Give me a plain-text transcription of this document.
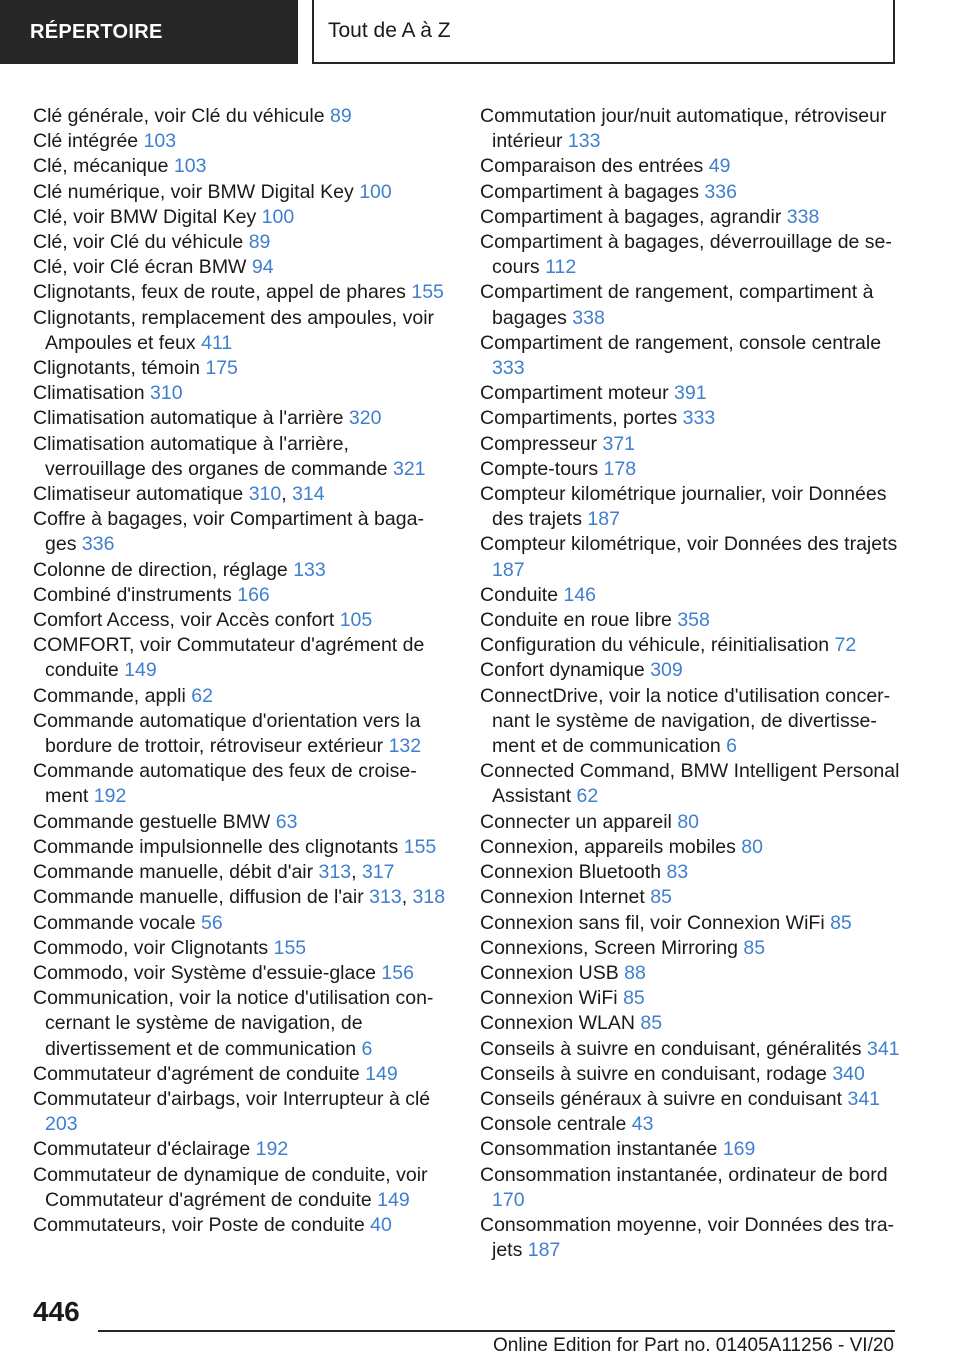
RÉPERTOIRE	Tout de A à Z
Clé générale, voir Clé du véhicule 89
Clé intégrée 103
Clé, mécanique 103
Clé numérique, voir BMW Digital Key 100
Clé, voir BMW Digital Key 100
Clé, voir Clé du véhicule 89
Clé, voir Clé écran BMW 94
Clignotants, feux de route, appel de phares 155
Clignotants, remplacement des ampoules, voir Ampoules et feux 411
Clignotants, témoin 175
Climatisation 310
Climatisation automatique à l'arrière 320
Climatisation automatique à l'arrière, verrouillage des organes de commande 321
Climatiseur automatique 310, 314
Coffre à bagages, voir Compartiment à bagages 336
Colonne de direction, réglage 133
Combiné d'instruments 166
Comfort Access, voir Accès confort 105
COMFORT, voir Commutateur d'agrément de conduite 149
Commande, appli 62
Commande automatique d'orientation vers la bordure de trottoir, rétroviseur extérieur 132
Commande automatique des feux de croisement 192
Commande gestuelle BMW 63
Commande impulsionnelle des clignotants 155
Commande manuelle, débit d'air 313, 317
Commande manuelle, diffusion de l'air 313, 318
Commande vocale 56
Commodo, voir Clignotants 155
Commodo, voir Système d'essuie-glace 156
Communication, voir la notice d'utilisation concernant le système de navigation, de divertissement et de communication 6
Commutateur d'agrément de conduite 149
Commutateur d'airbags, voir Interrupteur à clé 203
Commutateur d'éclairage 192
Commutateur de dynamique de conduite, voir Commutateur d'agrément de conduite 149
Commutateurs, voir Poste de conduite 40
Commutation jour/nuit automatique, rétroviseur intérieur 133
Comparaison des entrées 49
Compartiment à bagages 336
Compartiment à bagages, agrandir 338
Compartiment à bagages, déverrouillage de secours 112
Compartiment de rangement, compartiment à bagages 338
Compartiment de rangement, console centrale 333
Compartiment moteur 391
Compartiments, portes 333
Compresseur 371
Compte-tours 178
Compteur kilométrique journalier, voir Données des trajets 187
Compteur kilométrique, voir Données des trajets 187
Conduite 146
Conduite en roue libre 358
Configuration du véhicule, réinitialisation 72
Confort dynamique 309
ConnectDrive, voir la notice d'utilisation concernant le système de navigation, de divertissement et de communication 6
Connected Command, BMW Intelligent Personal Assistant 62
Connecter un appareil 80
Connexion, appareils mobiles 80
Connexion Bluetooth 83
Connexion Internet 85
Connexion sans fil, voir Connexion WiFi 85
Connexions, Screen Mirroring 85
Connexion USB 88
Connexion WiFi 85
Connexion WLAN 85
Conseils à suivre en conduisant, généralités 341
Conseils à suivre en conduisant, rodage 340
Conseils généraux à suivre en conduisant 341
Console centrale 43
Consommation instantanée 169
Consommation instantanée, ordinateur de bord 170
Consommation moyenne, voir Données des trajets 187
446
Online Edition for Part no. 01405A11256 - VI/20
